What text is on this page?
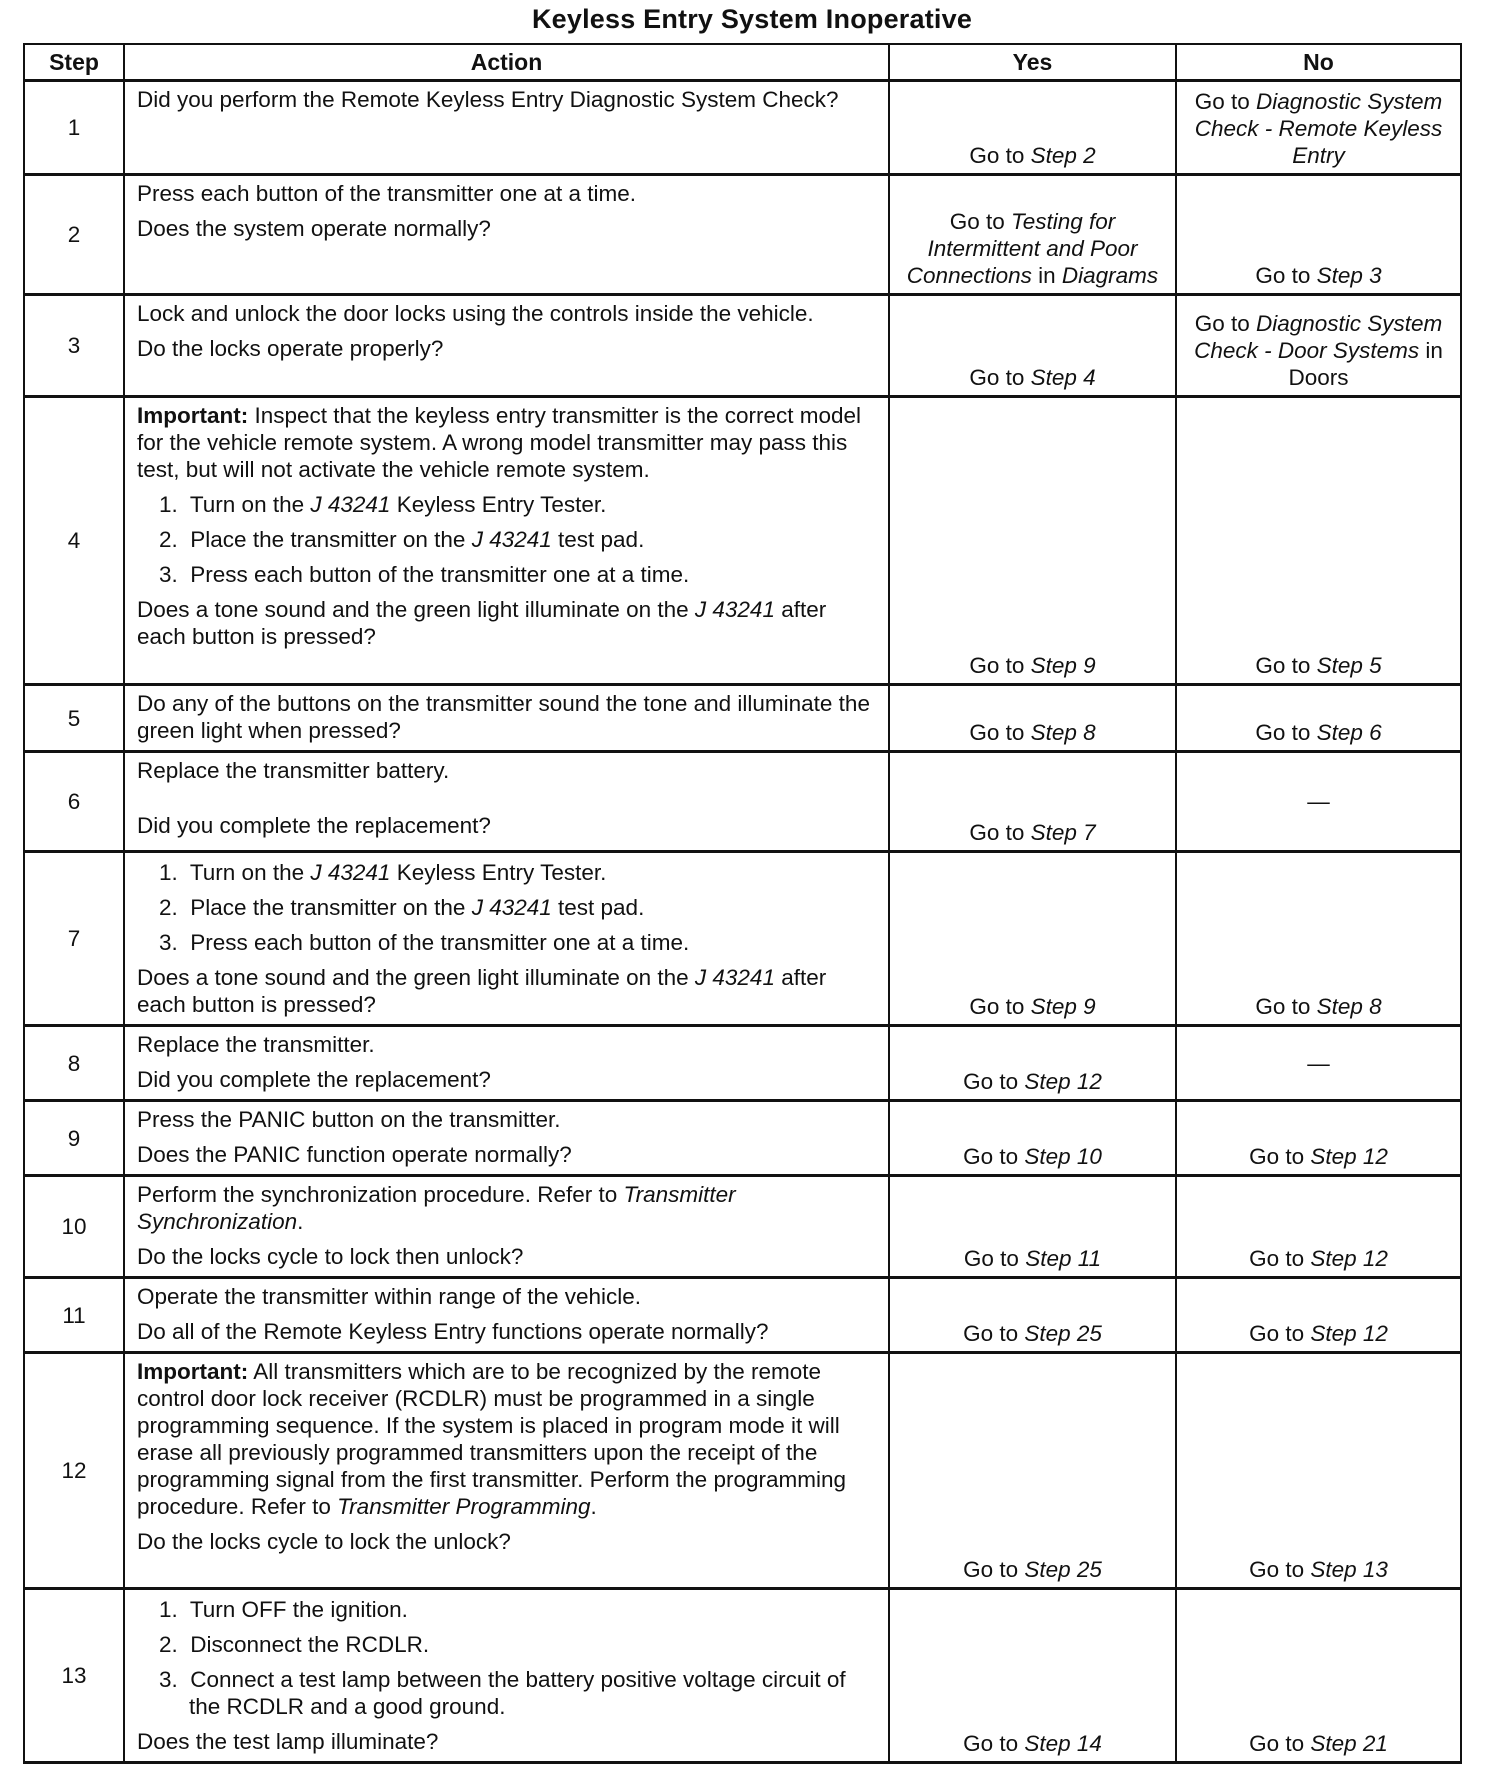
Keyless Entry System Inoperative
Step	Action	Yes	No
1	Did you perform the Remote Keyless Entry Diagnostic System Check?	Go to Step 2	Go to Diagnostic System Check - Remote Keyless Entry
2	Press each button of the transmitter one at a time.

Does the system operate normally?	Go to Testing for Intermittent and Poor Connections in Diagrams	Go to Step 3
3	Lock and unlock the door locks using the controls inside the vehicle.

Do the locks operate properly?	Go to Step 4	Go to Diagnostic System Check - Door Systems in Doors
4	Important: Inspect that the keyless entry transmitter is the correct model for the vehicle remote system. A wrong model transmitter may pass this test, but will not activate the vehicle remote system.

1. Turn on the J 43241 Keyless Entry Tester.

2. Place the transmitter on the J 43241 test pad.

3. Press each button of the transmitter one at a time.

Does a tone sound and the green light illuminate on the J 43241 after each button is pressed?	Go to Step 9	Go to Step 5
5	Do any of the buttons on the transmitter sound the tone and illuminate the green light when pressed?	Go to Step 8	Go to Step 6
6	Replace the transmitter battery.

Did you complete the replacement?	Go to Step 7	—
7	1. Turn on the J 43241 Keyless Entry Tester.

2. Place the transmitter on the J 43241 test pad.

3. Press each button of the transmitter one at a time.

Does a tone sound and the green light illuminate on the J 43241 after each button is pressed?	Go to Step 9	Go to Step 8
8	Replace the transmitter.

Did you complete the replacement?	Go to Step 12	—
9	Press the PANIC button on the transmitter.

Does the PANIC function operate normally?	Go to Step 10	Go to Step 12
10	Perform the synchronization procedure. Refer to Transmitter Synchronization.

Do the locks cycle to lock then unlock?	Go to Step 11	Go to Step 12
11	Operate the transmitter within range of the vehicle.

Do all of the Remote Keyless Entry functions operate normally?	Go to Step 25	Go to Step 12
12	Important: All transmitters which are to be recognized by the remote control door lock receiver (RCDLR) must be programmed in a single programming sequence. If the system is placed in program mode it will erase all previously programmed transmitters upon the receipt of the programming signal from the first transmitter. Perform the programming procedure. Refer to Transmitter Programming.

Do the locks cycle to lock the unlock?	Go to Step 25	Go to Step 13
13	1. Turn OFF the ignition.

2. Disconnect the RCDLR.

3. Connect a test lamp between the battery positive voltage circuit of the RCDLR and a good ground.

Does the test lamp illuminate?	Go to Step 14	Go to Step 21
